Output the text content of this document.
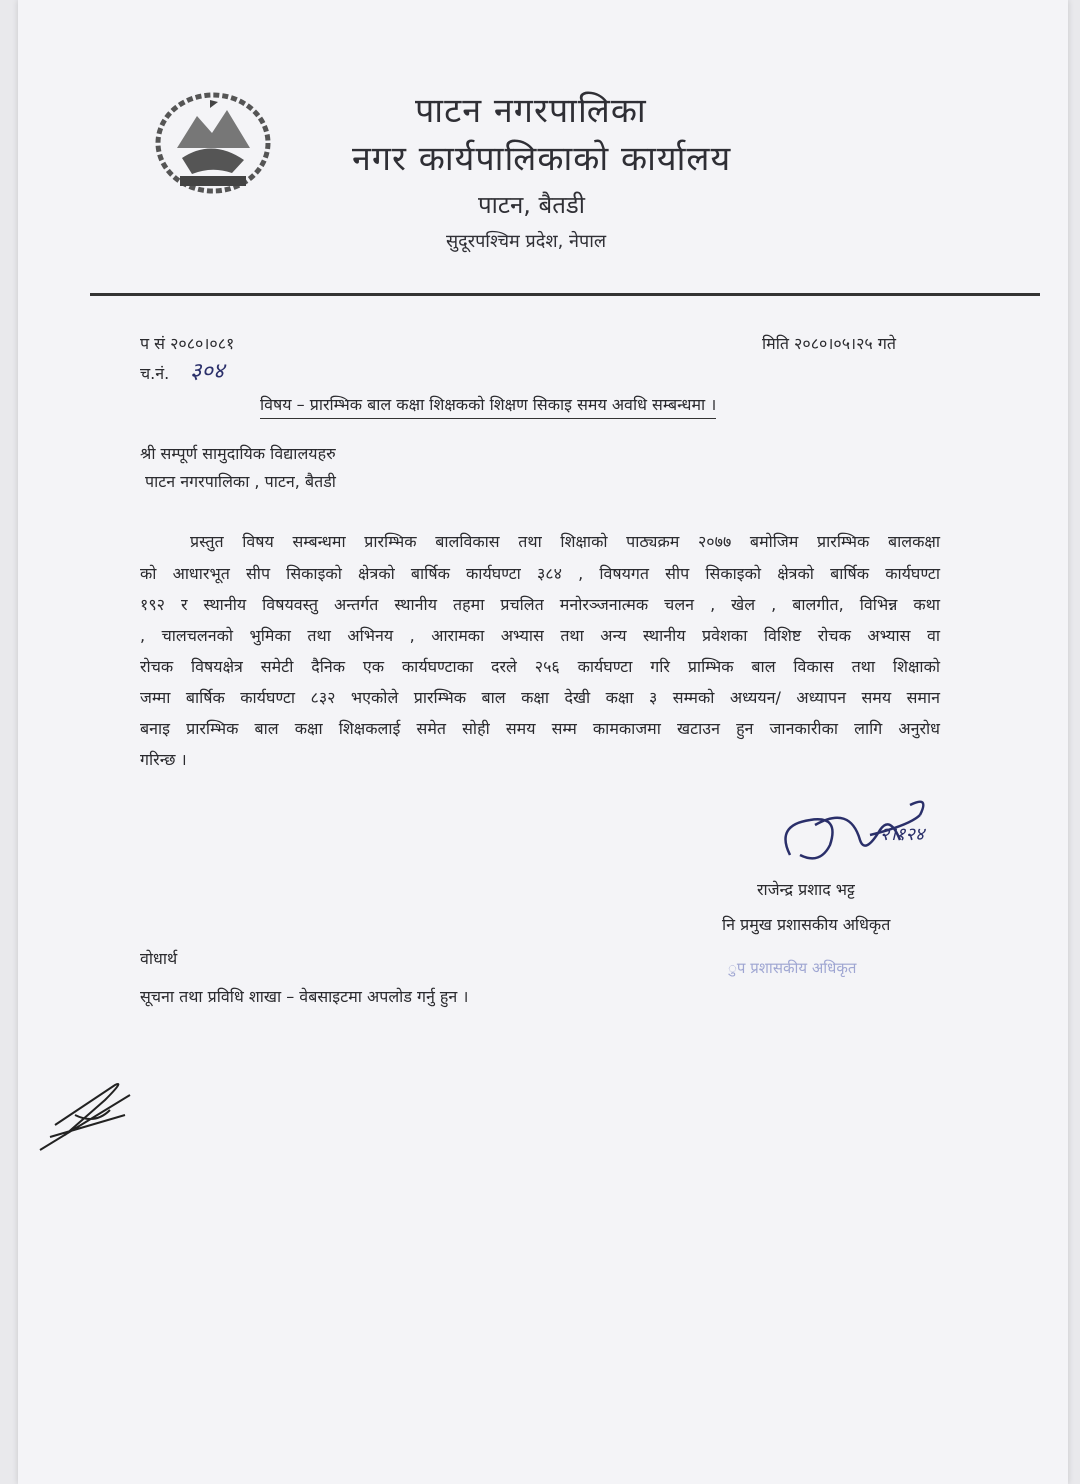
पाटन नगरपालिका
नगर कार्यपालिकाको कार्यालय
पाटन, बैतडी
सुदूरपश्चिम प्रदेश, नेपाल
प सं २०८०।०८१	मिति २०८०।०५।२५ गते
च.नं. ३०४
विषय – प्रारम्भिक बाल कक्षा शिक्षकको शिक्षण सिकाइ समय अवधि सम्बन्धमा ।
श्री सम्पूर्ण सामुदायिक विद्यालयहरु
पाटन नगरपालिका , पाटन, बैतडी
प्रस्तुत विषय सम्बन्धमा प्रारम्भिक बालविकास तथा शिक्षाको पाठ्यक्रम २०७७ बमोजिम प्रारम्भिक बालकक्षा
को आधारभूत सीप सिकाइको क्षेत्रको बार्षिक कार्यघण्टा ३८४ , विषयगत सीप सिकाइको क्षेत्रको बार्षिक कार्यघण्टा
१९२ र स्थानीय विषयवस्तु अन्तर्गत स्थानीय तहमा प्रचलित मनोरञ्जनात्मक चलन , खेल , बालगीत, विभिन्न कथा
, चालचलनको भुमिका तथा अभिनय , आरामका अभ्यास तथा अन्य स्थानीय प्रवेशका विशिष्ट रोचक अभ्यास वा
रोचक विषयक्षेत्र समेटी दैनिक एक कार्यघण्टाका दरले २५६ कार्यघण्टा गरि प्राम्भिक बाल विकास तथा शिक्षाको
जम्मा बार्षिक कार्यघण्टा ८३२ भएकोले प्रारम्भिक बाल कक्षा देखी कक्षा ३ सम्मको अध्ययन/ अध्यापन समय समान
बनाइ प्रारम्भिक बाल कक्षा शिक्षकलाई समेत सोही समय सम्म कामकाजमा खटाउन हुन जानकारीका लागि अनुरोध
गरिन्छ ।
२।१२४
राजेन्द्र प्रशाद भट्ट
नि प्रमुख प्रशासकीय अधिकृत
ुप प्रशासकीय अधिकृत
वोधार्थ
सूचना तथा प्रविधि शाखा – वेबसाइटमा अपलोड गर्नु हुन ।
